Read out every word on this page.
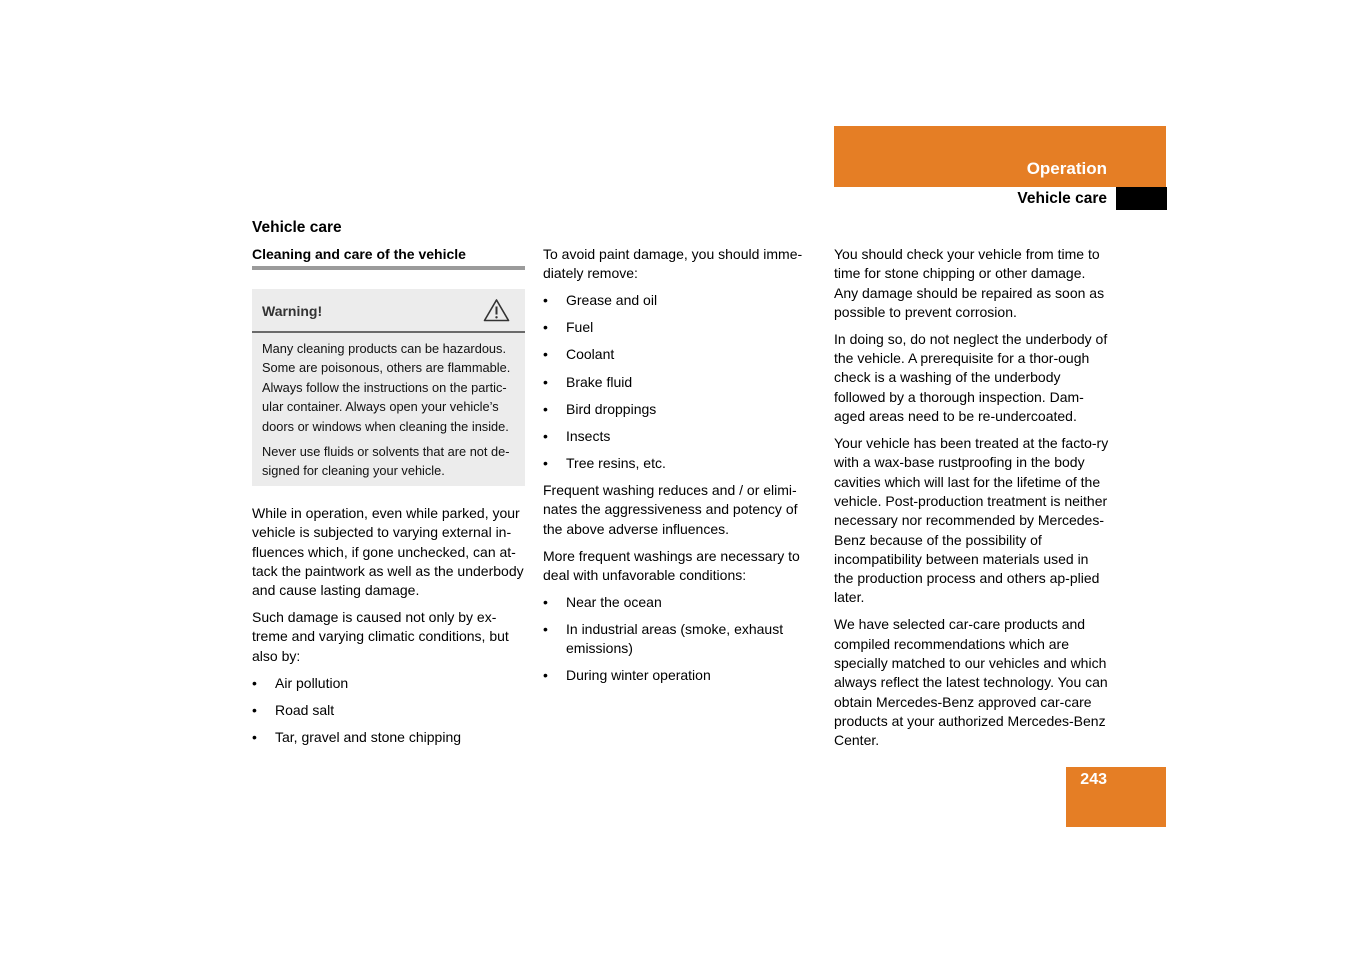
Operation
Vehicle care
Vehicle care
Cleaning and care of the vehicle
Warning!

Many cleaning products can be hazardous. Some are poisonous, others are flammable. Always follow the instructions on the partic-ular container. Always open your vehicle’s doors or windows when cleaning the inside.

Never use fluids or solvents that are not de-signed for cleaning your vehicle.

While in operation, even while parked, your vehicle is subjected to varying external in-fluences which, if gone unchecked, can at-tack the paintwork as well as the underbody and cause lasting damage.

Such damage is caused not only by ex-treme and varying climatic conditions, but also by:

• Air pollution
• Road salt
• Tar, gravel and stone chipping

To avoid paint damage, you should imme-diately remove:

• Grease and oil
• Fuel
• Coolant
• Brake fluid
• Bird droppings
• Insects
• Tree resins, etc.

Frequent washing reduces and / or elimi-nates the aggressiveness and potency of the above adverse influences.

More frequent washings are necessary to deal with unfavorable conditions:

• Near the ocean
• In industrial areas (smoke, exhaust emissions)
• During winter operation

You should check your vehicle from time to time for stone chipping or other damage. Any damage should be repaired as soon as possible to prevent corrosion.

In doing so, do not neglect the underbody of the vehicle. A prerequisite for a thor-ough check is a washing of the underbody followed by a thorough inspection. Dam-aged areas need to be re-undercoated.

Your vehicle has been treated at the facto-ry with a wax-base rustproofing in the body cavities which will last for the lifetime of the vehicle. Post-production treatment is neither necessary nor recommended by Mercedes-Benz because of the possibility of incompatibility between materials used in the production process and others ap-plied later.

We have selected car-care products and compiled recommendations which are specially matched to our vehicles and which always reflect the latest technology. You can obtain Mercedes-Benz approved car-care products at your authorized Mercedes-Benz Center.

243
